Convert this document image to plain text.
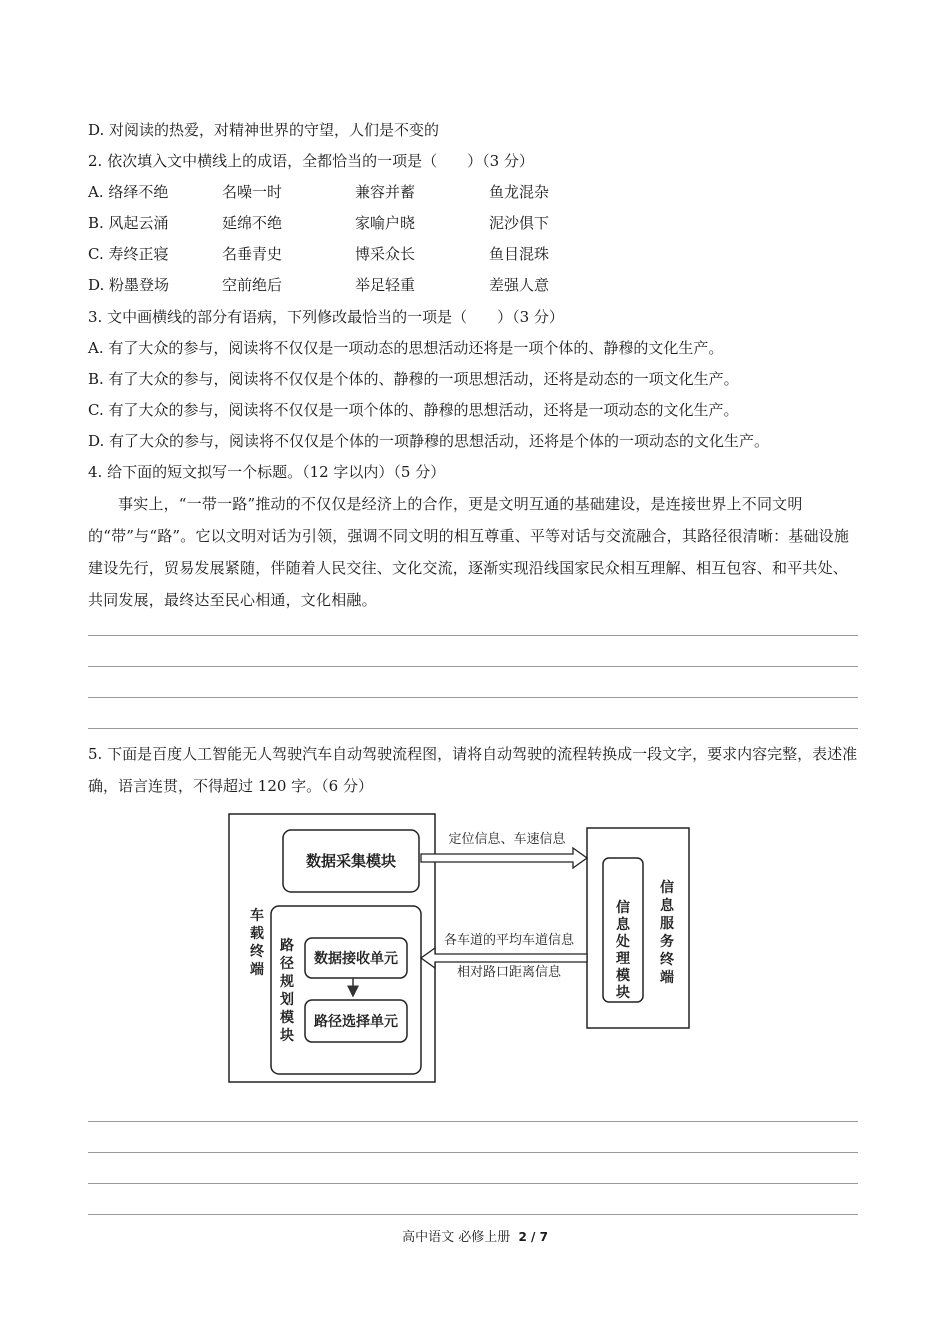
D. 对阅读的热爱，对精神世界的守望，人们是不变的
2. 依次填入文中横线上的成语，全都恰当的一项是（　　）（3 分）
A. 络绎不绝	名噪一时	兼容并蓄	鱼龙混杂
B. 风起云涌	延绵不绝	家喻户晓	泥沙俱下
C. 寿终正寝	名垂青史	博采众长	鱼目混珠
D. 粉墨登场	空前绝后	举足轻重	差强人意
3. 文中画横线的部分有语病，下列修改最恰当的一项是（　　）（3 分）
A. 有了大众的参与，阅读将不仅仅是一项动态的思想活动还将是一项个体的、静穆的文化生产。
B. 有了大众的参与，阅读将不仅仅是个体的、静穆的一项思想活动，还将是动态的一项文化生产。
C. 有了大众的参与，阅读将不仅仅是一项个体的、静穆的思想活动，还将是一项动态的文化生产。
D. 有了大众的参与，阅读将不仅仅是个体的一项静穆的思想活动，还将是个体的一项动态的文化生产。
4. 给下面的短文拟写一个标题。（12 字以内）（5 分）
事实上，“一带一路”推动的不仅仅是经济上的合作，更是文明互通的基础建设，是连接世界上不同文明的“带”与“路”。它以文明对话为引领，强调不同文明的相互尊重、平等对话与交流融合，其路径很清晰：基础设施建设先行，贸易发展紧随，伴随着人民交往、文化交流，逐渐实现沿线国家民众相互理解、相互包容、和平共处、共同发展，最终达至民心相通，文化相融。
5. 下面是百度人工智能无人驾驶汽车自动驾驶流程图，请将自动驾驶的流程转换成一段文字，要求内容完整，表述准确，语言连贯，不得超过 120 字。（6 分）
车载终端
数据采集模块
路径规划模块
数据接收单元
路径选择单元
信息处理模块
信息服务终端
定位信息、车速信息
各车道的平均车道信息
相对路口距离信息
高中语文 必修上册 2 / 7
